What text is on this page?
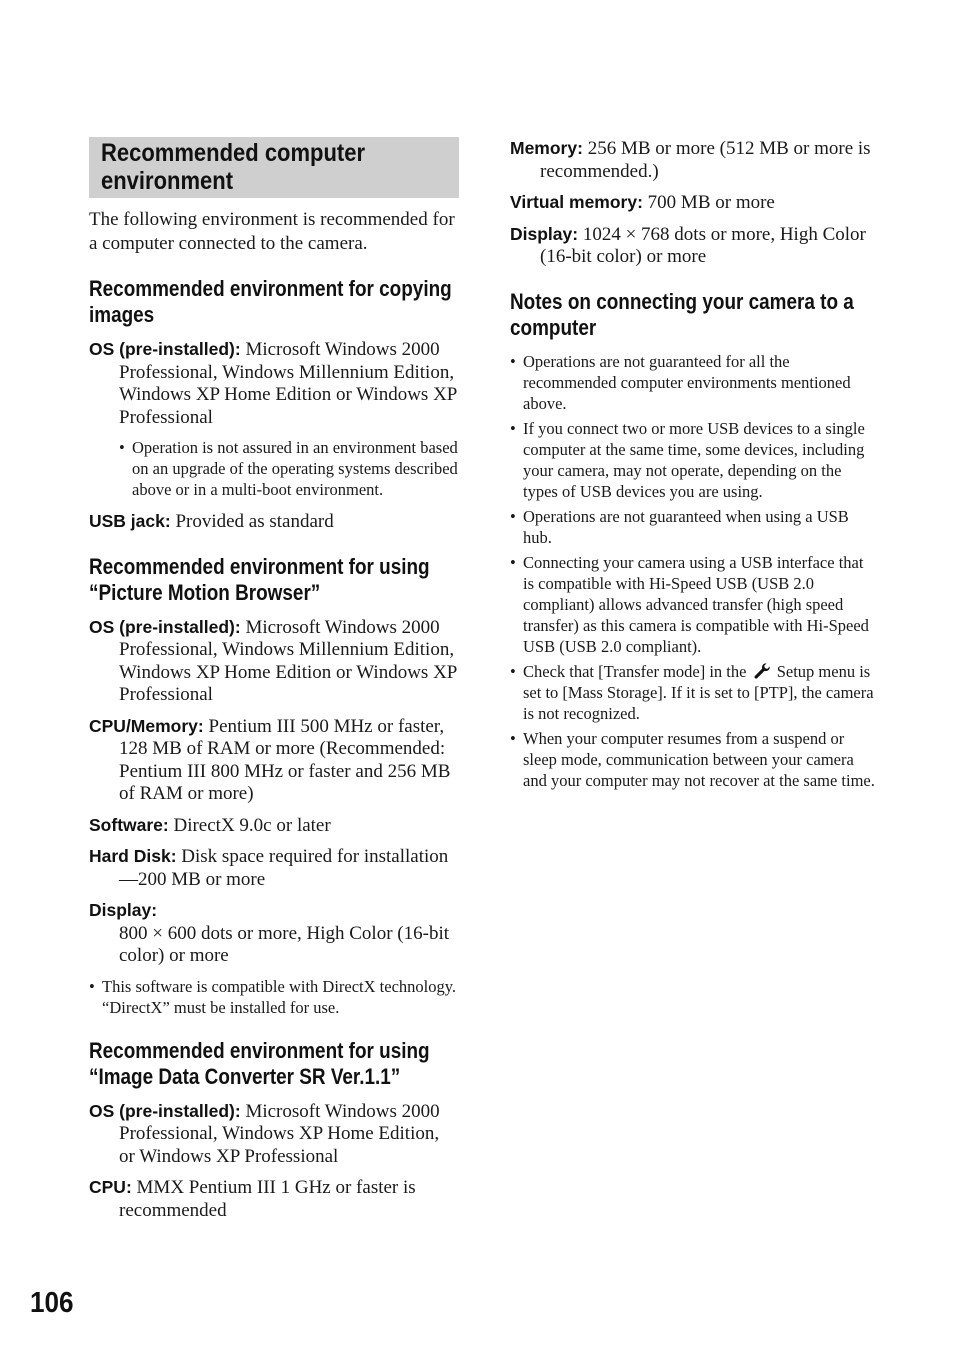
Recommended computer environment

The following environment is recommended for a computer connected to the camera.

Recommended environment for copying images
OS (pre-installed): Microsoft Windows 2000 Professional, Windows Millennium Edition, Windows XP Home Edition or Windows XP Professional
• Operation is not assured in an environment based on an upgrade of the operating systems described above or in a multi-boot environment.
USB jack: Provided as standard
Recommended environment for using “Picture Motion Browser”
OS (pre-installed): Microsoft Windows 2000 Professional, Windows Millennium Edition, Windows XP Home Edition or Windows XP Professional
CPU/Memory: Pentium III 500 MHz or faster, 128 MB of RAM or more (Recommended: Pentium III 800 MHz or faster and 256 MB of RAM or more)
Software: DirectX 9.0c or later
Hard Disk: Disk space required for installation—200 MB or more
Display:
800 × 600 dots or more, High Color (16-bit color) or more
• This software is compatible with DirectX technology. “DirectX” must be installed for use.
Recommended environment for using “Image Data Converter SR Ver.1.1”
OS (pre-installed): Microsoft Windows 2000 Professional, Windows XP Home Edition, or Windows XP Professional
CPU: MMX Pentium III 1 GHz or faster is recommended
Memory: 256 MB or more (512 MB or more is recommended.)
Virtual memory: 700 MB or more
Display: 1024 × 768 dots or more, High Color (16-bit color) or more
Notes on connecting your camera to a computer
• Operations are not guaranteed for all the recommended computer environments mentioned above.
• If you connect two or more USB devices to a single computer at the same time, some devices, including your camera, may not operate, depending on the types of USB devices you are using.
• Operations are not guaranteed when using a USB hub.
• Connecting your camera using a USB interface that is compatible with Hi-Speed USB (USB 2.0 compliant) allows advanced transfer (high speed transfer) as this camera is compatible with Hi-Speed USB (USB 2.0 compliant).
• Check that [Transfer mode] in the  Setup menu is set to [Mass Storage]. If it is set to [PTP], the camera is not recognized.
• When your computer resumes from a suspend or sleep mode, communication between your camera and your computer may not recover at the same time.
106
